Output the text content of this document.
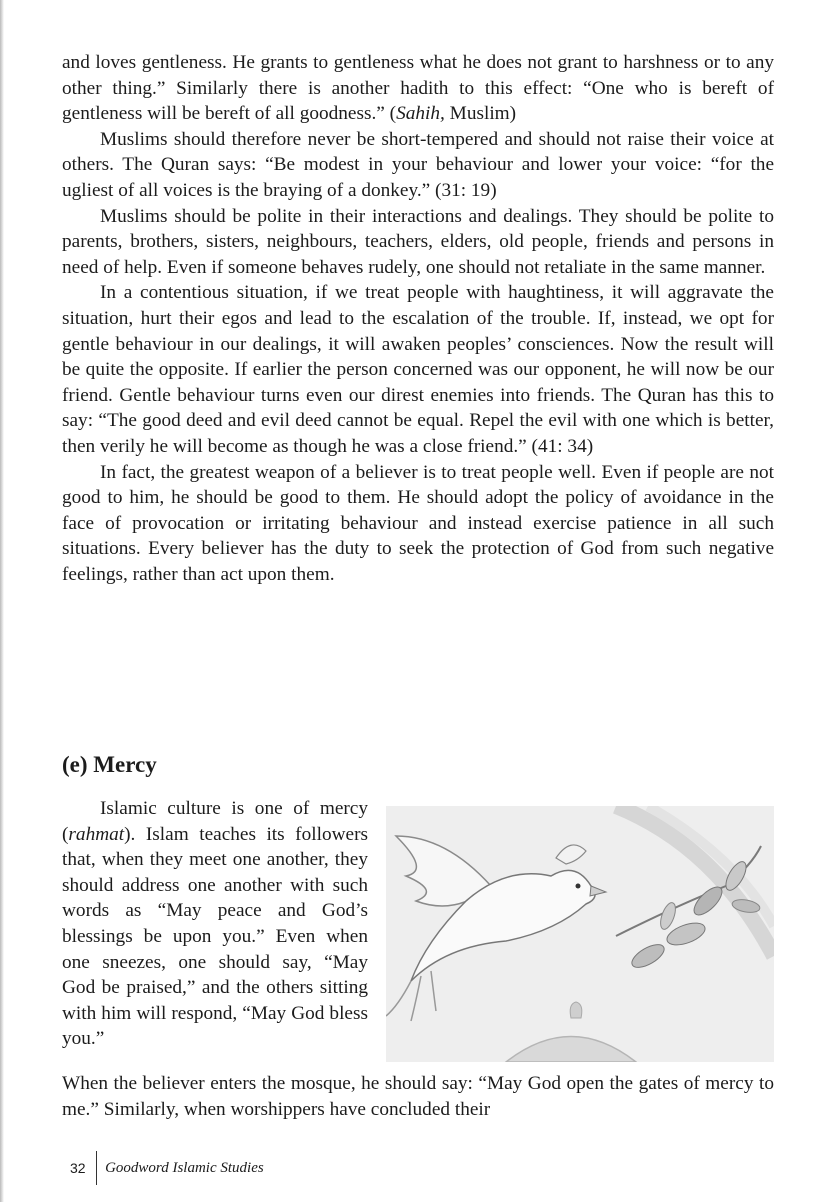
and loves gentleness. He grants to gentleness what he does not grant to harshness or to any other thing.” Similarly there is another hadith to this effect: “One who is bereft of gentleness will be bereft of all goodness.” (Sahih, Muslim)

Muslims should therefore never be short-tempered and should not raise their voice at others. The Quran says: “Be modest in your behaviour and lower your voice: “for the ugliest of all voices is the braying of a donkey.” (31: 19)

Muslims should be polite in their interactions and dealings. They should be polite to parents, brothers, sisters, neighbours, teachers, elders, old people, friends and persons in need of help. Even if someone behaves rudely, one should not retaliate in the same manner.

In a contentious situation, if we treat people with haughtiness, it will aggravate the situation, hurt their egos and lead to the escalation of the trouble. If, instead, we opt for gentle behaviour in our dealings, it will awaken peoples’ consciences. Now the result will be quite the opposite. If earlier the person concerned was our opponent, he will now be our friend. Gentle behaviour turns even our direst enemies into friends. The Quran has this to say: “The good deed and evil deed cannot be equal. Repel the evil with one which is better, then verily he will become as though he was a close friend.” (41: 34)

In fact, the greatest weapon of a believer is to treat people well. Even if people are not good to him, he should be good to them. He should adopt the policy of avoidance in the face of provocation or irritating behaviour and instead exercise patience in all such situations. Every believer has the duty to seek the protection of God from such negative feelings, rather than act upon them.

(e) Mercy

Islamic culture is one of mercy (rahmat). Islam teaches its followers that, when they meet one another, they should address one another with such words as “May peace and God’s blessings be upon you.” Even when one sneezes, one should say, “May God be praised,” and the others sitting with him will respond, “May God bless you.”

When the believer enters the mosque, he should say: “May God open the gates of mercy to me.” Similarly, when worshippers have concluded their

32 Goodword Islamic Studies
